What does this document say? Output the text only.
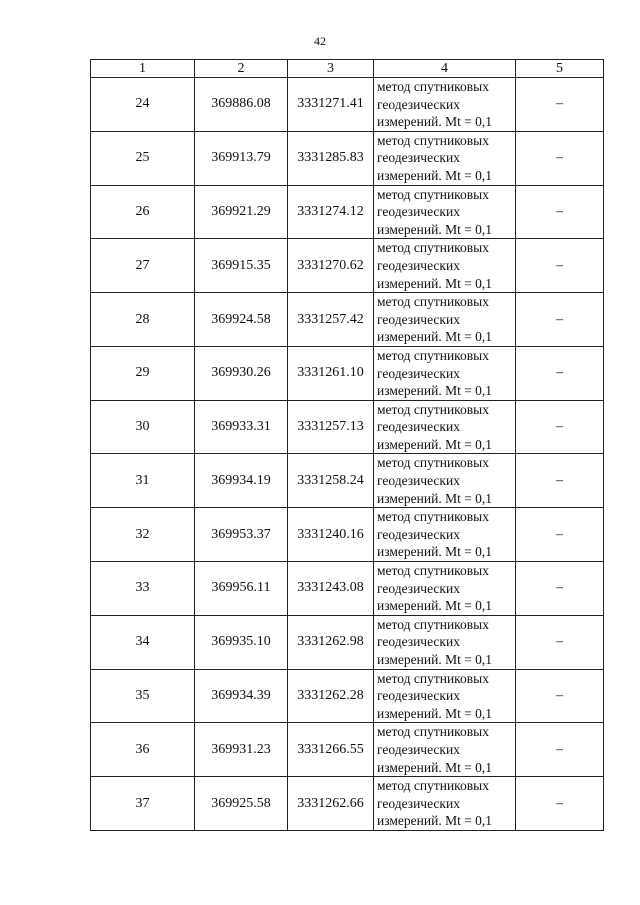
42
1	2	3	4	5
24	369886.08	3331271.41	метод спутниковых
геодезических
измерений. Mt = 0,1	–
25	369913.79	3331285.83	метод спутниковых
геодезических
измерений. Mt = 0,1	–
26	369921.29	3331274.12	метод спутниковых
геодезических
измерений. Mt = 0,1	–
27	369915.35	3331270.62	метод спутниковых
геодезических
измерений. Mt = 0,1	–
28	369924.58	3331257.42	метод спутниковых
геодезических
измерений. Mt = 0,1	–
29	369930.26	3331261.10	метод спутниковых
геодезических
измерений. Mt = 0,1	–
30	369933.31	3331257.13	метод спутниковых
геодезических
измерений. Mt = 0,1	–
31	369934.19	3331258.24	метод спутниковых
геодезических
измерений. Mt = 0,1	–
32	369953.37	3331240.16	метод спутниковых
геодезических
измерений. Mt = 0,1	–
33	369956.11	3331243.08	метод спутниковых
геодезических
измерений. Mt = 0,1	–
34	369935.10	3331262.98	метод спутниковых
геодезических
измерений. Mt = 0,1	–
35	369934.39	3331262.28	метод спутниковых
геодезических
измерений. Mt = 0,1	–
36	369931.23	3331266.55	метод спутниковых
геодезических
измерений. Mt = 0,1	–
37	369925.58	3331262.66	метод спутниковых
геодезических
измерений. Mt = 0,1	–
